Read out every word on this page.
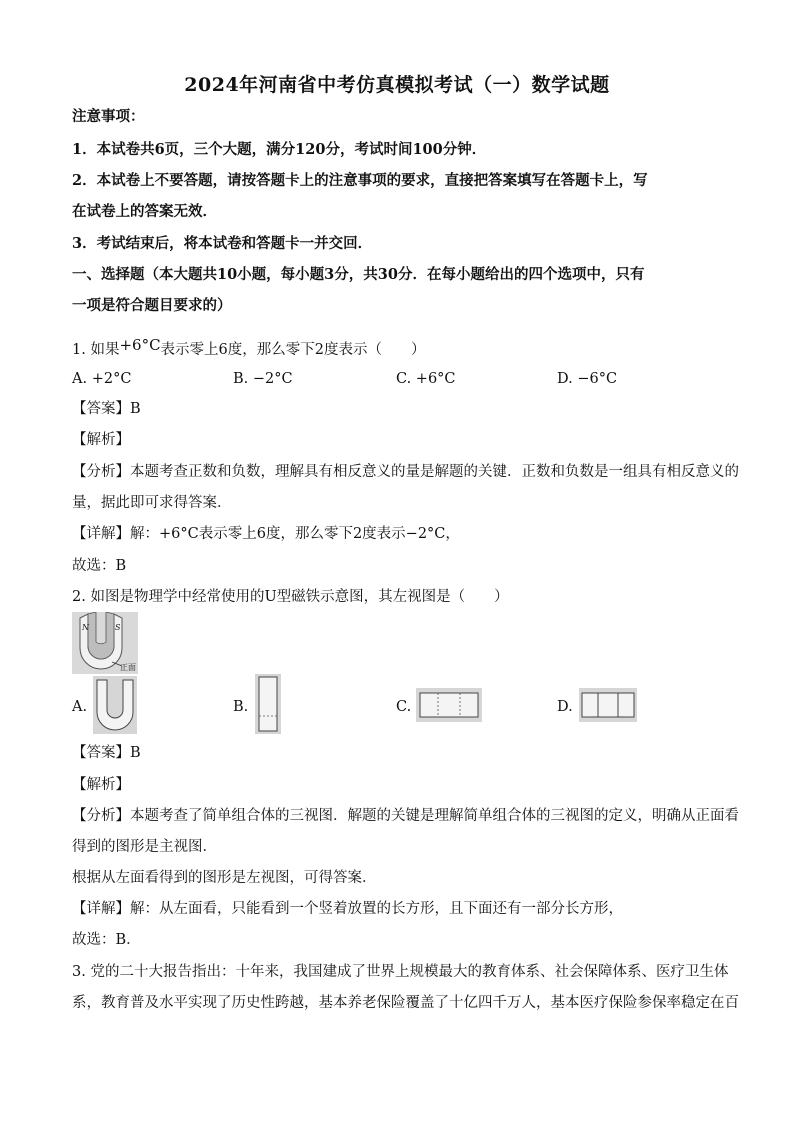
2024年河南省中考仿真模拟考试（一）数学试题
注意事项：
1．本试卷共6页，三个大题，满分120分，考试时间100分钟．
2．本试卷上不要答题，请按答题卡上的注意事项的要求，直接把答案填写在答题卡上，写
在试卷上的答案无效．
3．考试结束后，将本试卷和答题卡一并交回．
一、选择题（本大题共10小题，每小题3分，共30分．在每小题给出的四个选项中，只有
一项是符合题目要求的）
1. 如果+6°C表示零上6度，那么零下2度表示（　　）
A. +2°C	B. −2°C	C. +6°C	D. −6°C
【答案】B
【解析】
【分析】本题考查正数和负数，理解具有相反意义的量是解题的关键．正数和负数是一组具有相反意义的
量，据此即可求得答案．
【详解】解：+6°C表示零上6度，那么零下2度表示−2°C，
故选：B
2. 如图是物理学中经常使用的U型磁铁示意图，其左视图是（　　）
N	S
正面
A.	B.	C.	D.
【答案】B
【解析】
【分析】本题考查了简单组合体的三视图．解题的关键是理解简单组合体的三视图的定义，明确从正面看
得到的图形是主视图．
根据从左面看得到的图形是左视图，可得答案．
【详解】解：从左面看，只能看到一个竖着放置的长方形，且下面还有一部分长方形，
故选：B．
3. 党的二十大报告指出：十年来，我国建成了世界上规模最大的教育体系、社会保障体系、医疗卫生体
系，教育普及水平实现了历史性跨越，基本养老保险覆盖了十亿四千万人，基本医疗保险参保率稳定在百
